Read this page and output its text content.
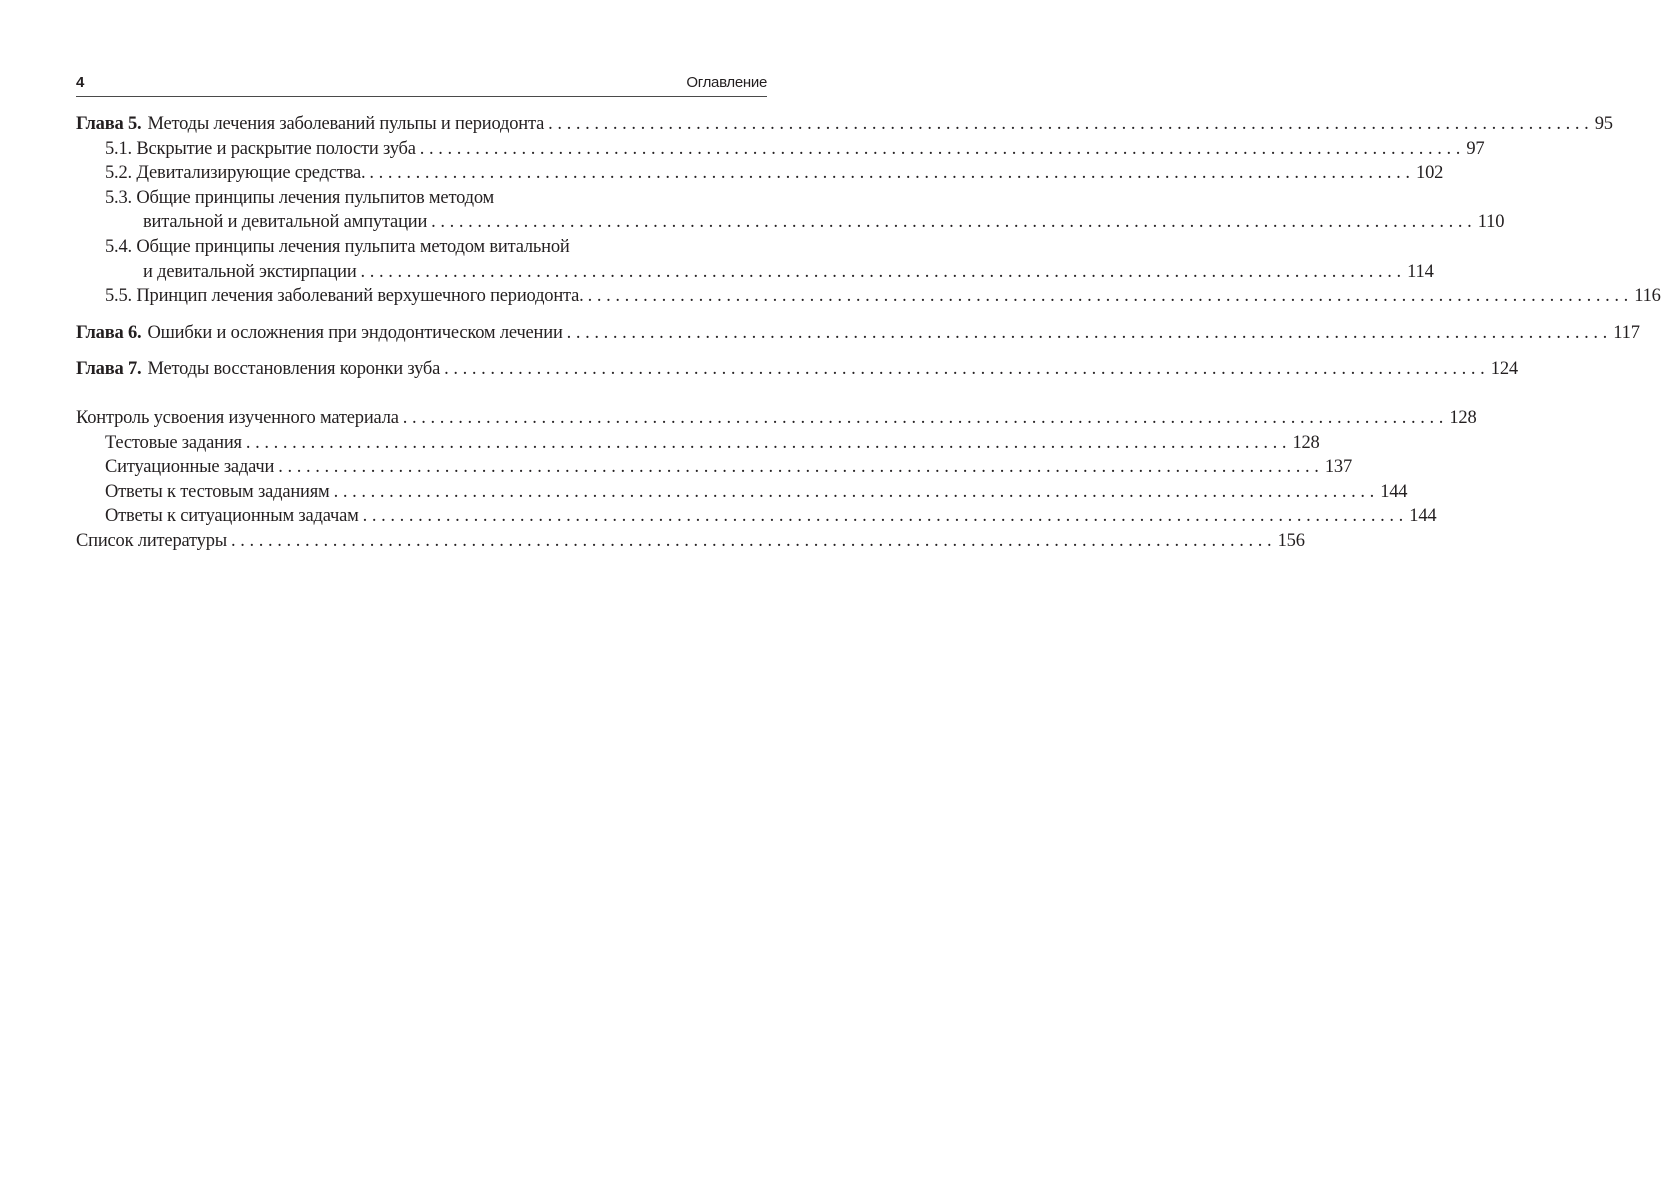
4	Оглавление
Глава 5. Методы лечения заболеваний пульпы и периодонта . . .	95
5.1. Вскрытие и раскрытие полости зуба . . .	97
5.2. Девитализирующие средства. . . .	102
5.3. Общие принципы лечения пульпитов методом
витальной и девитальной ампутации . . .	110
5.4. Общие принципы лечения пульпита методом витальной
и девитальной экстирпации . . .	114
5.5. Принцип лечения заболеваний верхушечного периодонта. . . .	116
Глава 6. Ошибки и осложнения при эндодонтическом лечении . . .	117
Глава 7. Методы восстановления коронки зуба . . .	124
Контроль усвоения изученного материала . . .	128
Тестовые задания . . .	128
Ситуационные задачи . . .	137
Ответы к тестовым заданиям . . .	144
Ответы к ситуационным задачам . . .	144
Список литературы . . .	156
